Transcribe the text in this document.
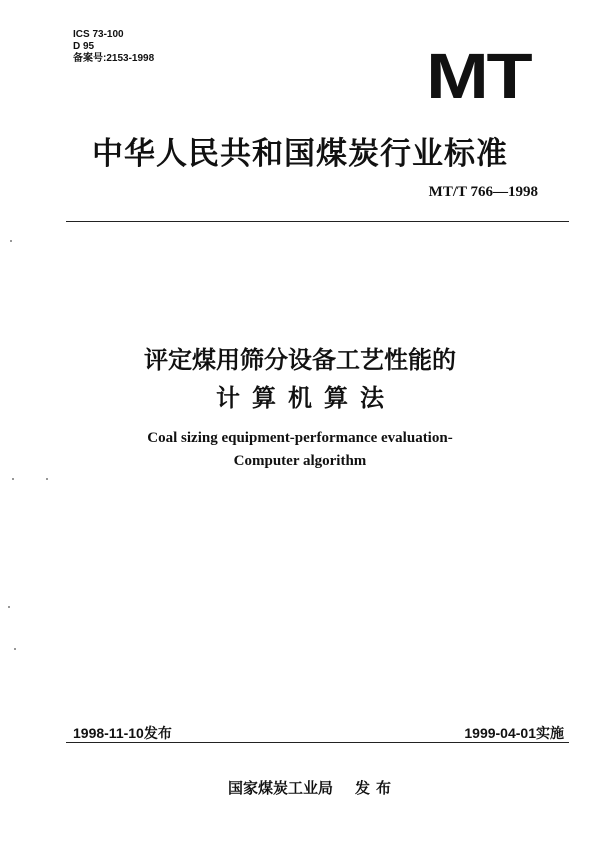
ICS 73-100
D 95
备案号:2153-1998	MT
中华人民共和国煤炭行业标准
MT/T 766—1998
评定煤用筛分设备工艺性能的
计算机算法
Coal sizing equipment-performance evaluation-
Computer algorithm
1998-11-10发布	1999-04-01实施
国家煤炭工业局 发布
